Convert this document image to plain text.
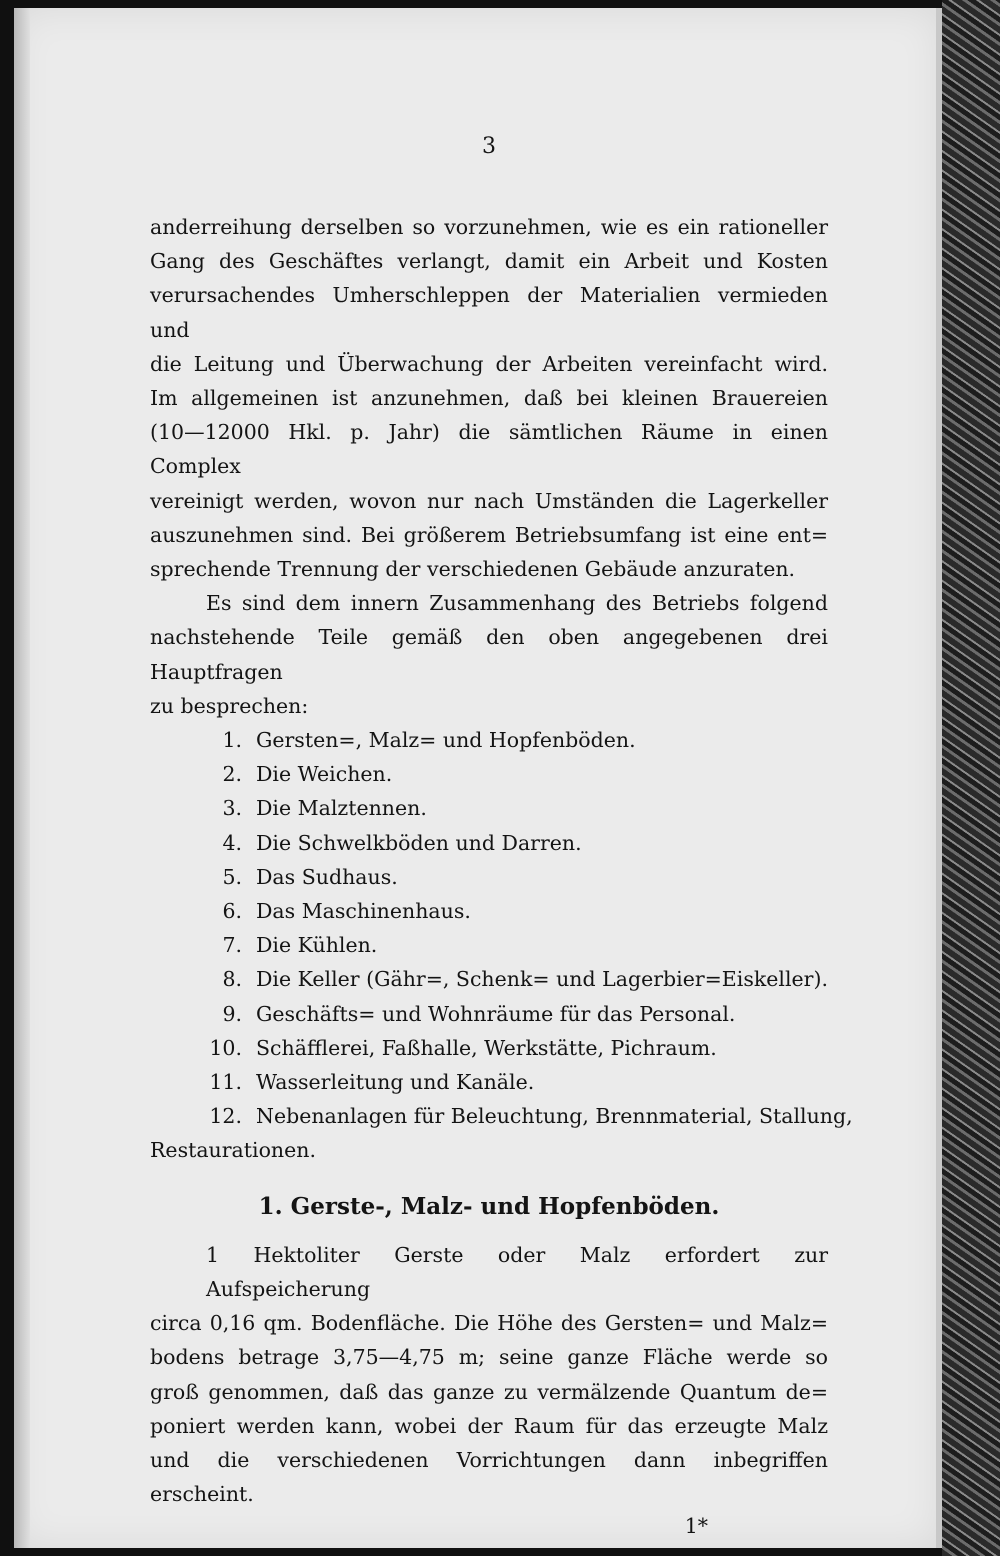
3
anderreihung derselben so vorzunehmen, wie es ein rationeller
Gang des Geschäftes verlangt, damit ein Arbeit und Kosten
verursachendes Umherschleppen der Materialien vermieden und
die Leitung und Überwachung der Arbeiten vereinfacht wird.
Im allgemeinen ist anzunehmen, daß bei kleinen Brauereien
(10—12000 Hkl. p. Jahr) die sämtlichen Räume in einen Complex
vereinigt werden, wovon nur nach Umständen die Lagerkeller
auszunehmen sind. Bei größerem Betriebsumfang ist eine ent=
sprechende Trennung der verschiedenen Gebäude anzuraten.
Es sind dem innern Zusammenhang des Betriebs folgend
nachstehende Teile gemäß den oben angegebenen drei Hauptfragen
zu besprechen:
1. Gersten=, Malz= und Hopfenböden.
2. Die Weichen.
3. Die Malztennen.
4. Die Schwelkböden und Darren.
5. Das Sudhaus.
6. Das Maschinenhaus.
7. Die Kühlen.
8. Die Keller (Gähr=, Schenk= und Lagerbier=Eiskeller).
9. Geschäfts= und Wohnräume für das Personal.
10. Schäfflerei, Faßhalle, Werkstätte, Pichraum.
11. Wasserleitung und Kanäle.
12. Nebenanlagen für Beleuchtung, Brennmaterial, Stallung,
Restaurationen.
1. Gerste-, Malz- und Hopfenböden.
1 Hektoliter Gerste oder Malz erfordert zur Aufspeicherung
circa 0,16 qm. Bodenfläche. Die Höhe des Gersten= und Malz=
bodens betrage 3,75—4,75 m; seine ganze Fläche werde so
groß genommen, daß das ganze zu vermälzende Quantum de=
poniert werden kann, wobei der Raum für das erzeugte Malz
und die verschiedenen Vorrichtungen dann inbegriffen erscheint.
1*
